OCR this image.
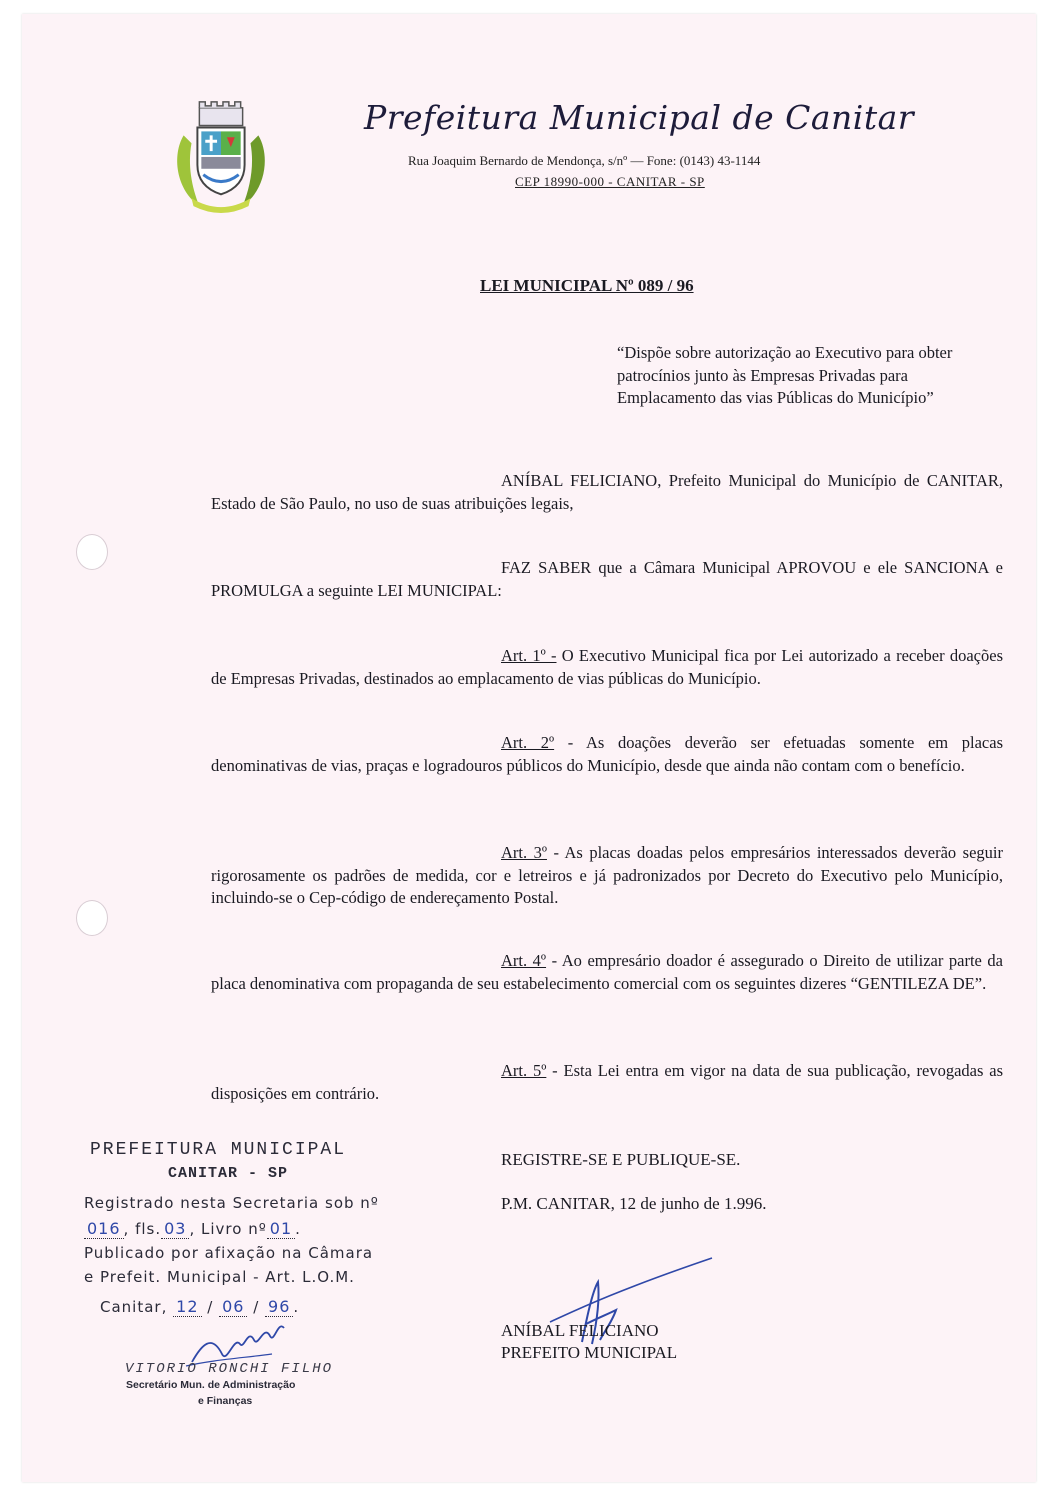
Prefeitura Municipal de Canitar
Rua Joaquim Bernardo de Mendonça, s/nº — Fone: (0143) 43-1144
CEP 18990-000 - CANITAR - SP
LEI MUNICIPAL Nº 089 / 96
“Dispõe sobre autorização ao Executivo para obter patrocínios junto às Empresas Privadas para Emplacamento das vias Públicas do Município”
ANÍBAL FELICIANO, Prefeito Municipal do Município de CANITAR, Estado de São Paulo, no uso de suas atribuições legais,
FAZ SABER que a Câmara Municipal APROVOU e ele SANCIONA e PROMULGA a seguinte LEI MUNICIPAL:
Art. 1º - O Executivo Municipal fica por Lei autorizado a receber doações de Empresas Privadas, destinados ao emplacamento de vias públicas do Município.
Art. 2º - As doações deverão ser efetuadas somente em placas denominativas de vias, praças e logradouros públicos do Município, desde que ainda não contam com o benefício.
Art. 3º - As placas doadas pelos empresários interessados deverão seguir rigorosamente os padrões de medida, cor e letreiros e já padronizados por Decreto do Executivo pelo Município, incluindo-se o Cep-código de endereçamento Postal.
Art. 4º - Ao empresário doador é assegurado o Direito de utilizar parte da placa denominativa com propaganda de seu estabelecimento comercial com os seguintes dizeres “GENTILEZA DE”.
Art. 5º - Esta Lei entra em vigor na data de sua publicação, revogadas as disposições em contrário.
PREFEITURA MUNICIPAL
CANITAR - SP
Registrado nesta Secretaria sob nº
016 , fls. 03 , Livro nº 01 .
Publicado por afixação na Câmara
e Prefeit. Municipal - Art. L.O.M.
Canitar, 12 / 06 / 96 .
VITORIO RONCHI FILHO
Secretário Mun. de Administração
e Finanças
REGISTRE-SE E PUBLIQUE-SE.
P.M. CANITAR, 12 de junho de 1.996.
ANÍBAL FELICIANO
PREFEITO MUNICIPAL
